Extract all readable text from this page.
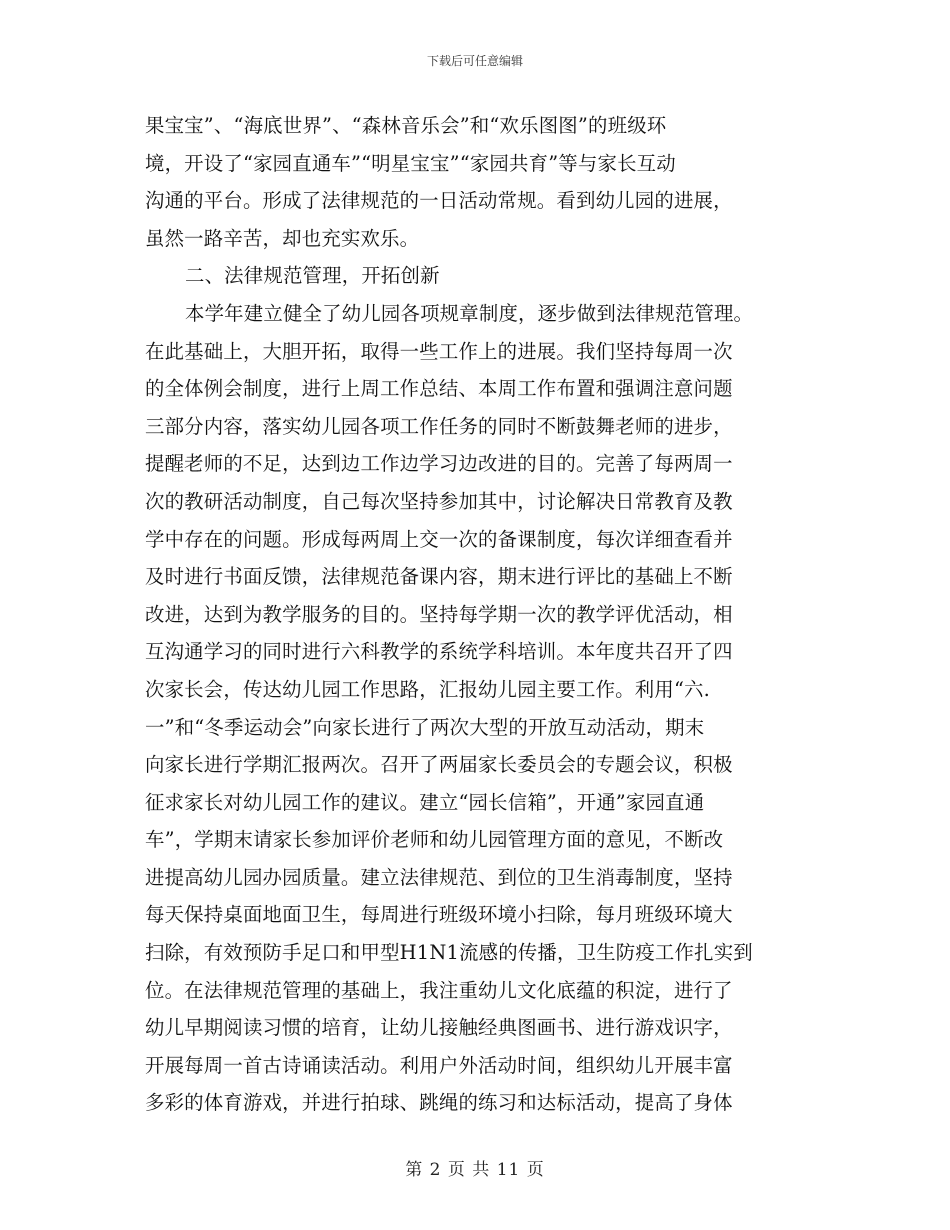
下载后可任意编辑
果宝宝”、“海底世界”、“森林音乐会”和“欢乐图图”的班级环
境，开设了“家园直通车”“明星宝宝”“家园共育”等与家长互动
沟通的平台。形成了法律规范的一日活动常规。看到幼儿园的进展，
虽然一路辛苦，却也充实欢乐。
二、法律规范管理，开拓创新
本学年建立健全了幼儿园各项规章制度，逐步做到法律规范管理。
在此基础上，大胆开拓，取得一些工作上的进展。我们坚持每周一次
的全体例会制度，进行上周工作总结、本周工作布置和强调注意问题
三部分内容，落实幼儿园各项工作任务的同时不断鼓舞老师的进步，
提醒老师的不足，达到边工作边学习边改进的目的。完善了每两周一
次的教研活动制度，自己每次坚持参加其中，讨论解决日常教育及教
学中存在的问题。形成每两周上交一次的备课制度，每次详细查看并
及时进行书面反馈，法律规范备课内容，期末进行评比的基础上不断
改进，达到为教学服务的目的。坚持每学期一次的教学评优活动，相
互沟通学习的同时进行六科教学的系统学科培训。本年度共召开了四
次家长会，传达幼儿园工作思路，汇报幼儿园主要工作。利用“六.
一”和“冬季运动会”向家长进行了两次大型的开放互动活动，期末
向家长进行学期汇报两次。召开了两届家长委员会的专题会议，积极
征求家长对幼儿园工作的建议。建立“园长信箱”，开通”家园直通
车”，学期末请家长参加评价老师和幼儿园管理方面的意见，不断改
进提高幼儿园办园质量。建立法律规范、到位的卫生消毒制度，坚持
每天保持桌面地面卫生，每周进行班级环境小扫除，每月班级环境大
扫除，有效预防手足口和甲型H1N1流感的传播，卫生防疫工作扎实到
位。在法律规范管理的基础上，我注重幼儿文化底蕴的积淀，进行了
幼儿早期阅读习惯的培育，让幼儿接触经典图画书、进行游戏识字，
开展每周一首古诗诵读活动。利用户外活动时间，组织幼儿开展丰富
多彩的体育游戏，并进行拍球、跳绳的练习和达标活动，提高了身体
第 2 页 共 11 页
